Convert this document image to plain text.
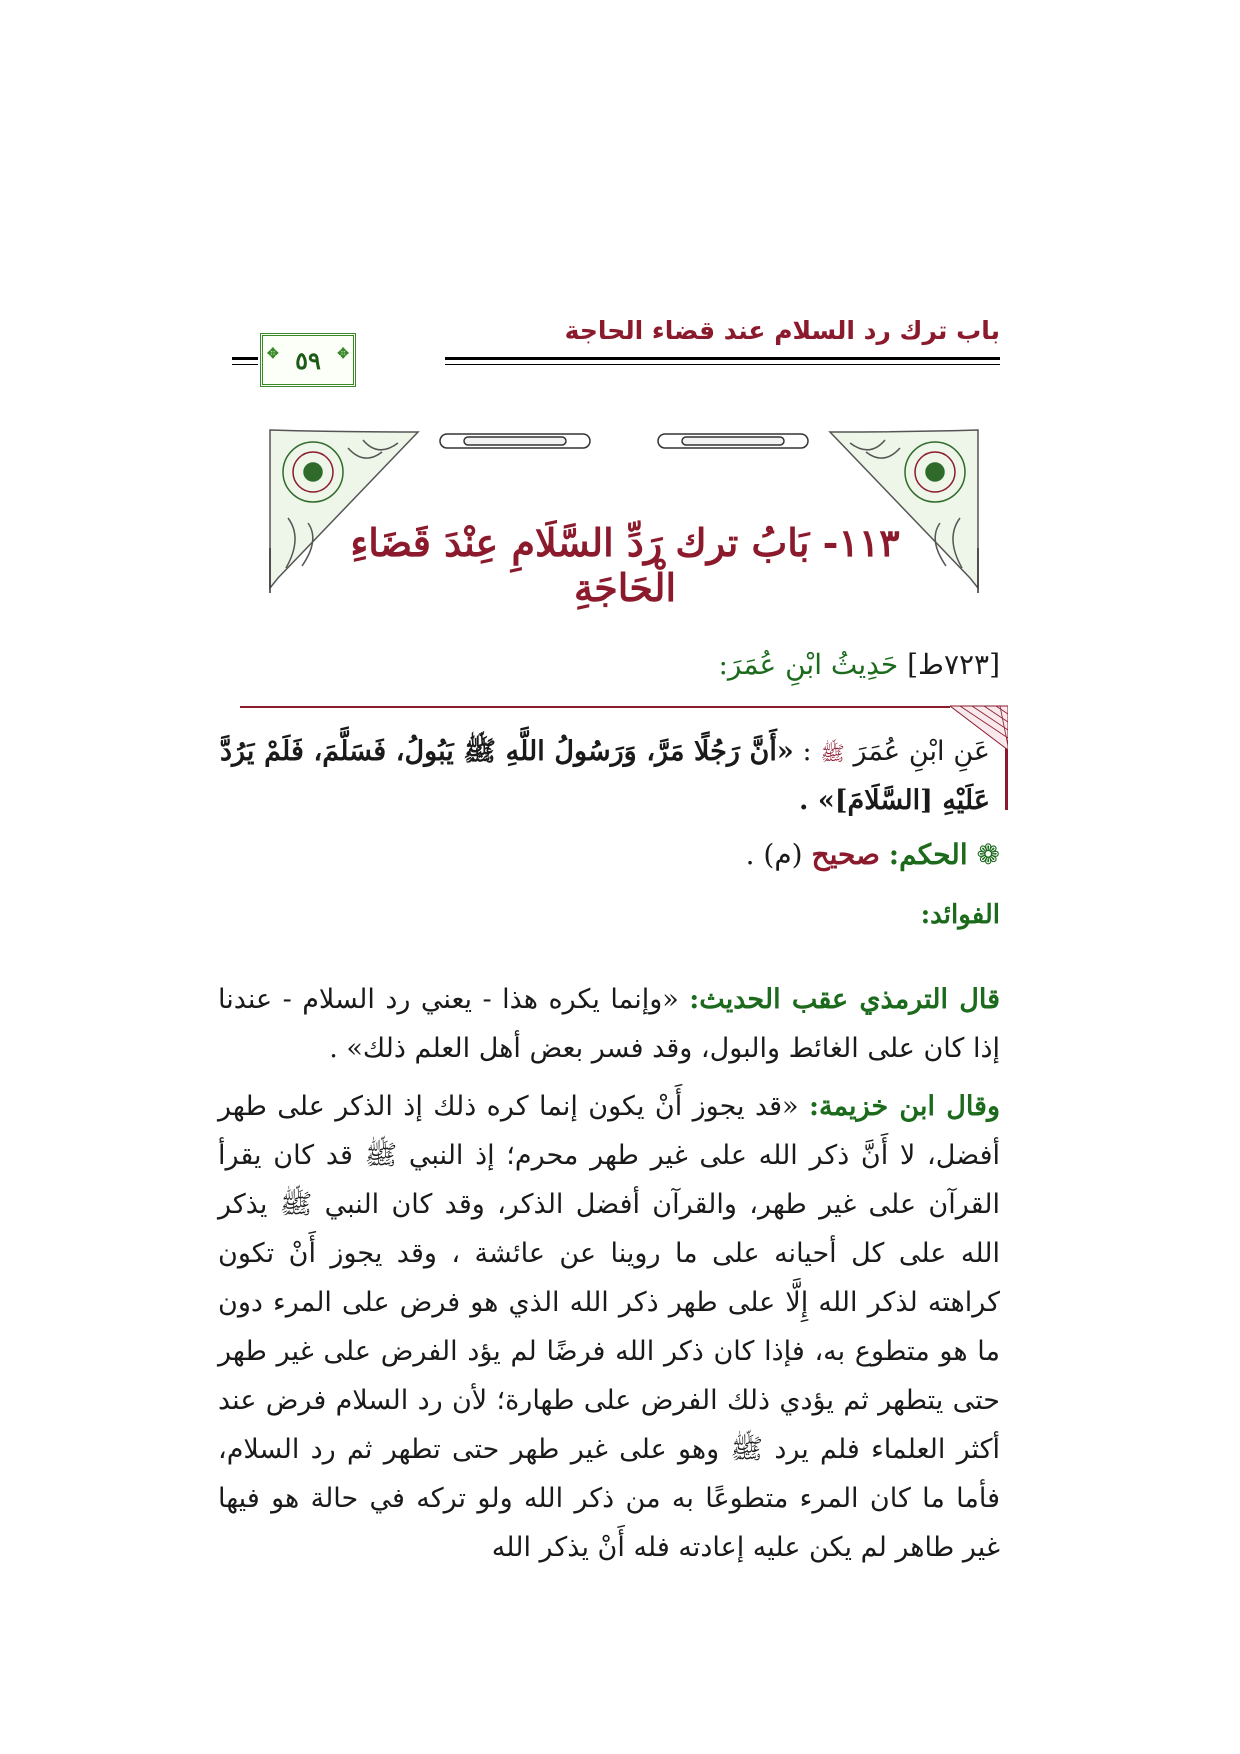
باب ترك رد السلام عند قضاء الحاجة
✥ ٥٩
✥
١١٣- بَابُ ترك رَدِّ السَّلَامِ عِنْدَ قَضَاءِ الْحَاجَةِ
[٧٢٣ط] حَدِيثُ ابْنِ عُمَرَ:
عَنِ ابْنِ عُمَرَ ﷺ : «أَنَّ رَجُلًا مَرَّ، وَرَسُولُ اللَّهِ ﷺ يَبُولُ، فَسَلَّمَ، فَلَمْ يَرُدَّ عَلَيْهِ [السَّلَامَ]» .
❁ الحكم: صحيح (م) .
الفوائد:
قال الترمذي عقب الحديث: «وإنما يكره هذا - يعني رد السلام - عندنا إذا كان على الغائط والبول، وقد فسر بعض أهل العلم ذلك» .
وقال ابن خزيمة: «قد يجوز أَنْ يكون إنما كره ذلك إذ الذكر على طهر أفضل، لا أَنَّ ذكر الله على غير طهر محرم؛ إذ النبي ﷺ قد كان يقرأ القرآن على غير طهر، والقرآن أفضل الذكر، وقد كان النبي ﷺ يذكر الله على كل أحيانه على ما روينا عن عائشة ، وقد يجوز أَنْ تكون كراهته لذكر الله إِلَّا على طهر ذكر الله الذي هو فرض على المرء دون ما هو متطوع به، فإذا كان ذكر الله فرضًا لم يؤد الفرض على غير طهر حتى يتطهر ثم يؤدي ذلك الفرض على طهارة؛ لأن رد السلام فرض عند أكثر العلماء فلم يرد ﷺ وهو على غير طهر حتى تطهر ثم رد السلام، فأما ما كان المرء متطوعًا به من ذكر الله ولو تركه في حالة هو فيها غير طاهر لم يكن عليه إعادته فله أَنْ يذكر الله
